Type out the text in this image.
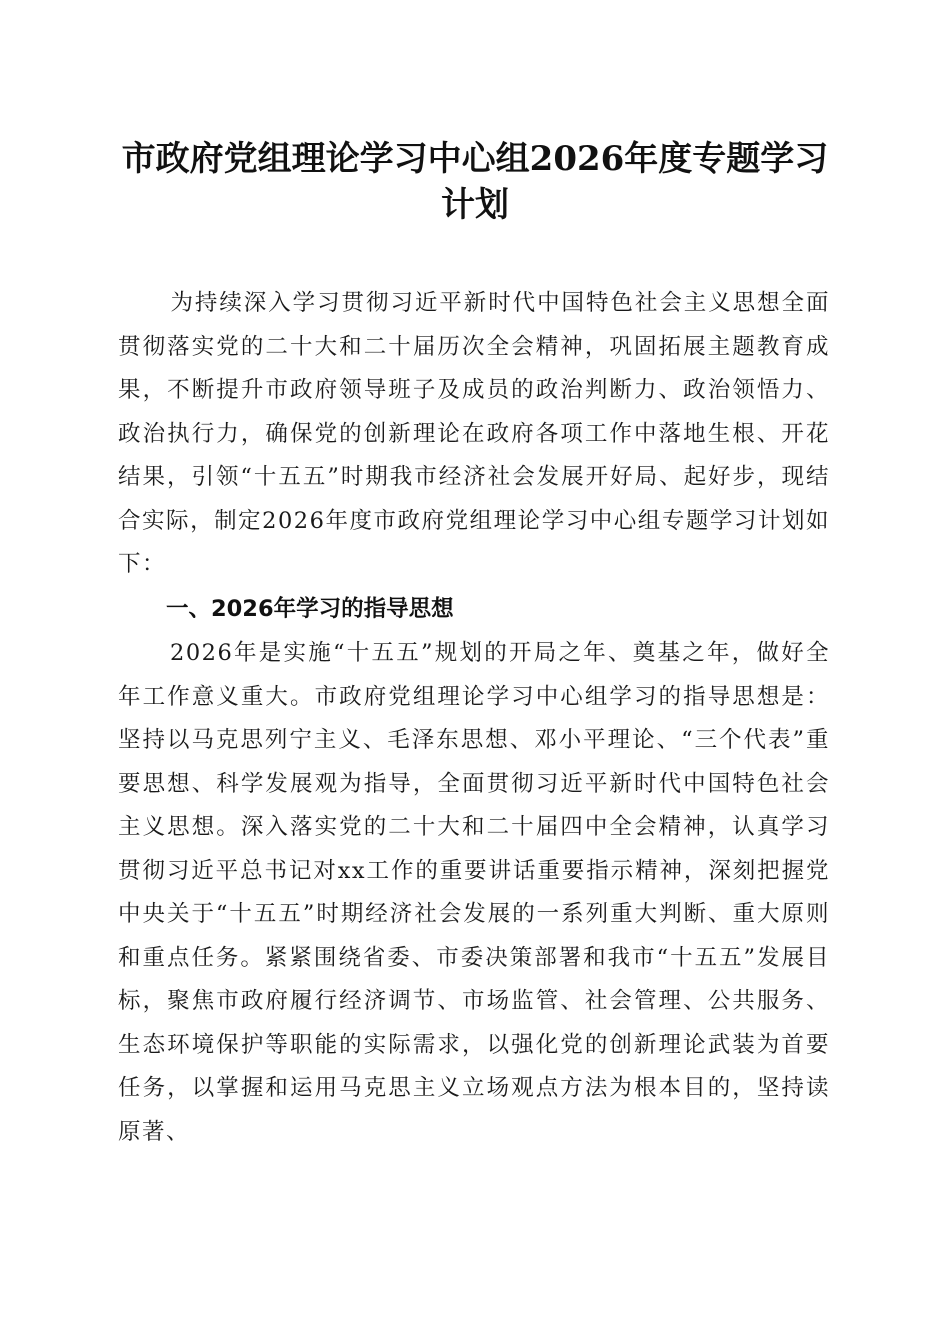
市政府党组理论学习中心组2026年度专题学习计划
为持续深入学习贯彻习近平新时代中国特色社会主义思想全面贯彻落实党的二十大和二十届历次全会精神，巩固拓展主题教育成果，不断提升市政府领导班子及成员的政治判断力、政治领悟力、政治执行力，确保党的创新理论在政府各项工作中落地生根、开花结果，引领“十五五”时期我市经济社会发展开好局、起好步，现结合实际，制定2026年度市政府党组理论学习中心组专题学习计划如下：
一、2026年学习的指导思想
2026年是实施“十五五”规划的开局之年、奠基之年，做好全年工作意义重大。市政府党组理论学习中心组学习的指导思想是：坚持以马克思列宁主义、毛泽东思想、邓小平理论、“三个代表”重要思想、科学发展观为指导，全面贯彻习近平新时代中国特色社会主义思想。深入落实党的二十大和二十届四中全会精神，认真学习贯彻习近平总书记对xx工作的重要讲话重要指示精神，深刻把握党中央关于“十五五”时期经济社会发展的一系列重大判断、重大原则和重点任务。紧紧围绕省委、市委决策部署和我市“十五五”发展目标，聚焦市政府履行经济调节、市场监管、社会管理、公共服务、生态环境保护等职能的实际需求，以强化党的创新理论武装为首要任务，以掌握和运用马克思主义立场观点方法为根本目的，坚持读原著、
